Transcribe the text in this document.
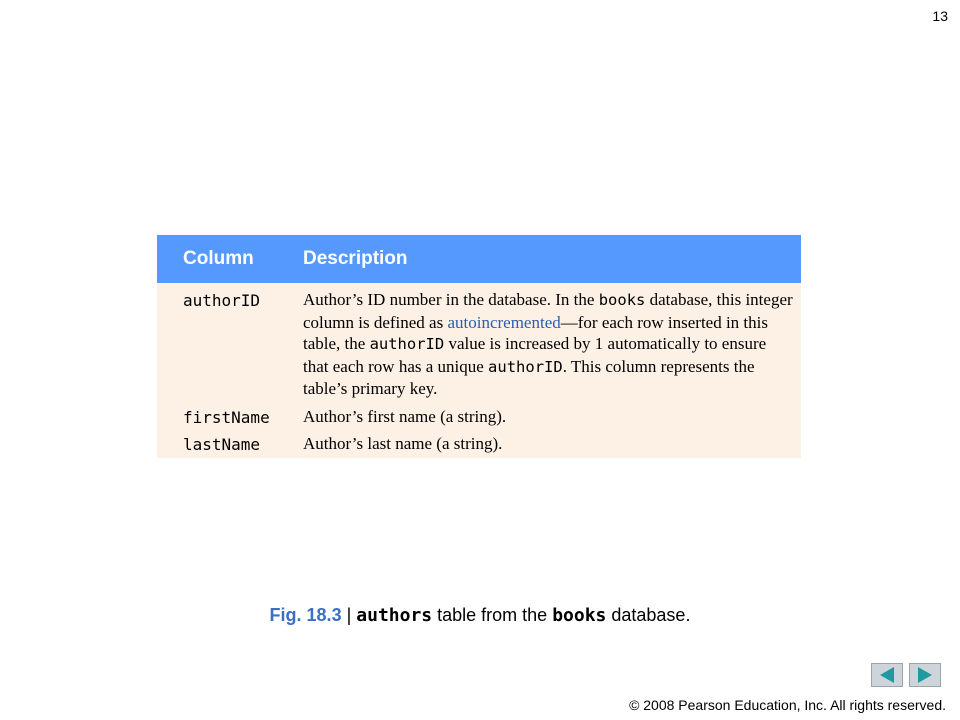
13
Column	Description
authorID	Author’s ID number in the database. In the books database, this integer column is defined as autoincremented—for each row inserted in this table, the authorID value is increased by 1 automatically to ensure that each row has a unique authorID. This column represents the table’s primary key.
firstName	Author’s first name (a string).
lastName	Author’s last name (a string).
Fig. 18.3 | authors table from the books database.
© 2008 Pearson Education, Inc. All rights reserved.
